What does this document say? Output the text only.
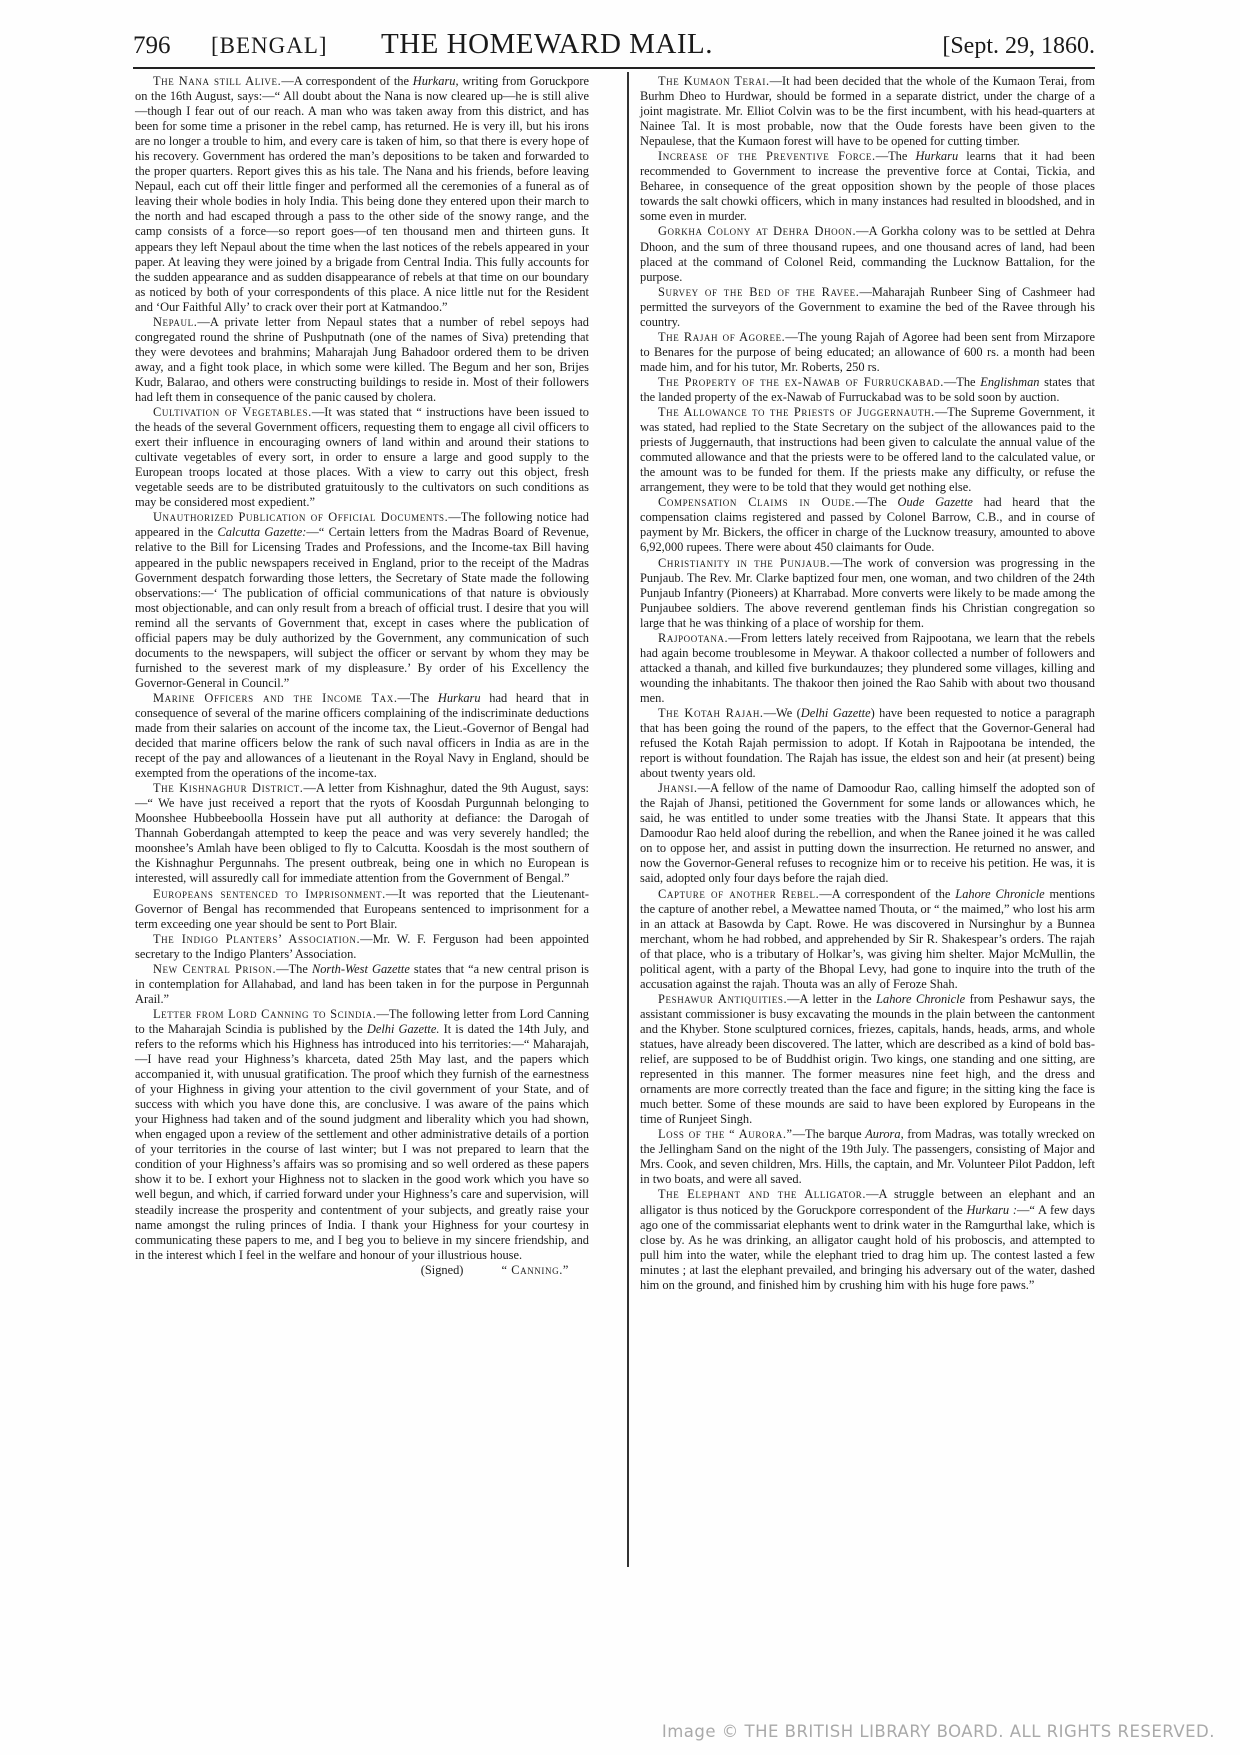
796	[BENGAL]	THE HOMEWARD MAIL.	[Sept. 29, 1860.

The Nana still Alive.—A correspondent of the Hurkaru, writing from Goruckpore on the 16th August, says:—“ All doubt about the Nana is now cleared up—he is still alive—though I fear out of our reach. A man who was taken away from this district, and has been for some time a prisoner in the rebel camp, has returned. He is very ill, but his irons are no longer a trouble to him, and every care is taken of him, so that there is every hope of his recovery. Government has ordered the man’s depositions to be taken and forwarded to the proper quarters. Report gives this as his tale. The Nana and his friends, before leaving Nepaul, each cut off their little finger and performed all the ceremonies of a funeral as of leaving their whole bodies in holy India. This being done they entered upon their march to the north and had escaped through a pass to the other side of the snowy range, and the camp consists of a force—so report goes—of ten thousand men and thirteen guns. It appears they left Nepaul about the time when the last notices of the rebels appeared in your paper. At leaving they were joined by a brigade from Central India. This fully accounts for the sudden appearance and as sudden disappearance of rebels at that time on our boundary as noticed by both of your correspondents of this place. A nice little nut for the Resident and ‘Our Faithful Ally’ to crack over their port at Katmandoo.”

Nepaul.—A private letter from Nepaul states that a number of rebel sepoys had congregated round the shrine of Pushputnath (one of the names of Siva) pretending that they were devotees and brahmins; Maharajah Jung Bahadoor ordered them to be driven away, and a fight took place, in which some were killed. The Begum and her son, Brijes Kudr, Balarao, and others were constructing buildings to reside in. Most of their followers had left them in consequence of the panic caused by cholera.

Cultivation of Vegetables.—It was stated that “ instructions have been issued to the heads of the several Government officers, requesting them to engage all civil officers to exert their influence in encouraging owners of land within and around their stations to cultivate vegetables of every sort, in order to ensure a large and good supply to the European troops located at those places. With a view to carry out this object, fresh vegetable seeds are to be distributed gratuitously to the cultivators on such conditions as may be considered most expedient.”

Unauthorized Publication of Official Documents.—The following notice had appeared in the Calcutta Gazette:—“ Certain letters from the Madras Board of Revenue, relative to the Bill for Licensing Trades and Professions, and the Income-tax Bill having appeared in the public newspapers received in England, prior to the receipt of the Madras Government despatch forwarding those letters, the Secretary of State made the following observations:—‘ The publication of official communications of that nature is obviously most objectionable, and can only result from a breach of official trust. I desire that you will remind all the servants of Government that, except in cases where the publication of official papers may be duly authorized by the Government, any communication of such documents to the newspapers, will subject the officer or servant by whom they may be furnished to the severest mark of my displeasure.’ By order of his Excellency the Governor-General in Council.”

Marine Officers and the Income Tax.—The Hurkaru had heard that in consequence of several of the marine officers complaining of the indiscriminate deductions made from their salaries on account of the income tax, the Lieut.-Governor of Bengal had decided that marine officers below the rank of such naval officers in India as are in the recept of the pay and allowances of a lieutenant in the Royal Navy in England, should be exempted from the operations of the income-tax.

The Kishnaghur District.—A letter from Kishnaghur, dated the 9th August, says:—“ We have just received a report that the ryots of Koosdah Purgunnah belonging to Moonshee Hubbeeboolla Hossein have put all authority at defiance: the Darogah of Thannah Goberdangah attempted to keep the peace and was very severely handled; the moonshee’s Amlah have been obliged to fly to Calcutta. Koosdah is the most southern of the Kishnaghur Pergunnahs. The present outbreak, being one in which no European is interested, will assuredly call for immediate attention from the Government of Bengal.”

Europeans sentenced to Imprisonment.—It was reported that the Lieutenant-Governor of Bengal has recommended that Europeans sentenced to imprisonment for a term exceeding one year should be sent to Port Blair.

The Indigo Planters’ Association.—Mr. W. F. Ferguson had been appointed secretary to the Indigo Planters’ Association.

New Central Prison.—The North-West Gazette states that “a new central prison is in contemplation for Allahabad, and land has been taken in for the purpose in Pergunnah Arail.”

Letter from Lord Canning to Scindia.—The following letter from Lord Canning to the Maharajah Scindia is published by the Delhi Gazette. It is dated the 14th July, and refers to the reforms which his Highness has introduced into his territories:—“ Maharajah,—I have read your Highness’s kharceta, dated 25th May last, and the papers which accompanied it, with unusual gratification. The proof which they furnish of the earnestness of your Highness in giving your attention to the civil government of your State, and of success with which you have done this, are conclusive. I was aware of the pains which your Highness had taken and of the sound judgment and liberality which you had shown, when engaged upon a review of the settlement and other administrative details of a portion of your territories in the course of last winter; but I was not prepared to learn that the condition of your Highness’s affairs was so promising and so well ordered as these papers show it to be. I exhort your Highness not to slacken in the good work which you have so well begun, and which, if carried forward under your Highness’s care and supervision, will steadily increase the prosperity and contentment of your subjects, and greatly raise your name amongst the ruling princes of India. I thank your Highness for your courtesy in communicating these papers to me, and I beg you to believe in my sincere friendship, and in the interest which I feel in the welfare and honour of your illustrious house.

(Signed)	“ Canning.”

The Kumaon Terai.—It had been decided that the whole of the Kumaon Terai, from Burhm Dheo to Hurdwar, should be formed in a separate district, under the charge of a joint magistrate. Mr. Elliot Colvin was to be the first incumbent, with his head-quarters at Nainee Tal. It is most probable, now that the Oude forests have been given to the Nepaulese, that the Kumaon forest will have to be opened for cutting timber.

Increase of the Preventive Force.—The Hurkaru learns that it had been recommended to Government to increase the preventive force at Contai, Tickia, and Beharee, in consequence of the great opposition shown by the people of those places towards the salt chowki officers, which in many instances had resulted in bloodshed, and in some even in murder.

Gorkha Colony at Dehra Dhoon.—A Gorkha colony was to be settled at Dehra Dhoon, and the sum of three thousand rupees, and one thousand acres of land, had been placed at the command of Colonel Reid, commanding the Lucknow Battalion, for the purpose.

Survey of the Bed of the Ravee.—Maharajah Runbeer Sing of Cashmeer had permitted the surveyors of the Government to examine the bed of the Ravee through his country.

The Rajah of Agoree.—The young Rajah of Agoree had been sent from Mirzapore to Benares for the purpose of being educated; an allowance of 600 rs. a month had been made him, and for his tutor, Mr. Roberts, 250 rs.

The Property of the ex-Nawab of Furruckabad.—The Englishman states that the landed property of the ex-Nawab of Furruckabad was to be sold soon by auction.

The Allowance to the Priests of Juggernauth.—The Supreme Government, it was stated, had replied to the State Secretary on the subject of the allowances paid to the priests of Juggernauth, that instructions had been given to calculate the annual value of the commuted allowance and that the priests were to be offered land to the calculated value, or the amount was to be funded for them. If the priests make any difficulty, or refuse the arrangement, they were to be told that they would get nothing else.

Compensation Claims in Oude.—The Oude Gazette had heard that the compensation claims registered and passed by Colonel Barrow, C.B., and in course of payment by Mr. Bickers, the officer in charge of the Lucknow treasury, amounted to above 6,92,000 rupees. There were about 450 claimants for Oude.

Christianity in the Punjaub.—The work of conversion was progressing in the Punjaub. The Rev. Mr. Clarke baptized four men, one woman, and two children of the 24th Punjaub Infantry (Pioneers) at Kharrabad. More converts were likely to be made among the Punjaubee soldiers. The above reverend gentleman finds his Christian congregation so large that he was thinking of a place of worship for them.

Rajpootana.—From letters lately received from Rajpootana, we learn that the rebels had again become troublesome in Meywar. A thakoor collected a number of followers and attacked a thanah, and killed five burkundauzes; they plundered some villages, killing and wounding the inhabitants. The thakoor then joined the Rao Sahib with about two thousand men.

The Kotah Rajah.—We (Delhi Gazette) have been requested to notice a paragraph that has been going the round of the papers, to the effect that the Governor-General had refused the Kotah Rajah permission to adopt. If Kotah in Rajpootana be intended, the report is without foundation. The Rajah has issue, the eldest son and heir (at present) being about twenty years old.

Jhansi.—A fellow of the name of Damoodur Rao, calling himself the adopted son of the Rajah of Jhansi, petitioned the Government for some lands or allowances which, he said, he was entitled to under some treaties witb the Jhansi State. It appears that this Damoodur Rao held aloof during the rebellion, and when the Ranee joined it he was called on to oppose her, and assist in putting down the insurrection. He returned no answer, and now the Governor-General refuses to recognize him or to receive his petition. He was, it is said, adopted only four days before the rajah died.

Capture of another Rebel.—A correspondent of the Lahore Chronicle mentions the capture of another rebel, a Mewattee named Thouta, or “ the maimed,” who lost his arm in an attack at Basowda by Capt. Rowe. He was discovered in Nursinghur by a Bunnea merchant, whom he had robbed, and apprehended by Sir R. Shakespear’s orders. The rajah of that place, who is a tributary of Holkar’s, was giving him shelter. Major McMullin, the political agent, with a party of the Bhopal Levy, had gone to inquire into the truth of the accusation against the rajah. Thouta was an ally of Feroze Shah.

Peshawur Antiquities.—A letter in the Lahore Chronicle from Peshawur says, the assistant commissioner is busy excavating the mounds in the plain between the cantonment and the Khyber. Stone sculptured cornices, friezes, capitals, hands, heads, arms, and whole statues, have already been discovered. The latter, which are described as a kind of bold bas-relief, are supposed to be of Buddhist origin. Two kings, one standing and one sitting, are represented in this manner. The former measures nine feet high, and the dress and ornaments are more correctly treated than the face and figure; in the sitting king the face is much better. Some of these mounds are said to have been explored by Europeans in the time of Runjeet Singh.

Loss of the “ Aurora.”—The barque Aurora, from Madras, was totally wrecked on the Jellingham Sand on the night of the 19th July. The passengers, consisting of Major and Mrs. Cook, and seven children, Mrs. Hills, the captain, and Mr. Volunteer Pilot Paddon, left in two boats, and were all saved.

The Elephant and the Alligator.—A struggle between an elephant and an alligator is thus noticed by the Goruckpore correspondent of the Hurkaru :—“ A few days ago one of the commissariat elephants went to drink water in the Ramgurthal lake, which is close by. As he was drinking, an alligator caught hold of his proboscis, and attempted to pull him into the water, while the elephant tried to drag him up. The contest lasted a few minutes ; at last the elephant prevailed, and bringing his adversary out of the water, dashed him on the ground, and finished him by crushing him with his huge fore paws.”

Image © THE BRITISH LIBRARY BOARD. ALL RIGHTS RESERVED.
